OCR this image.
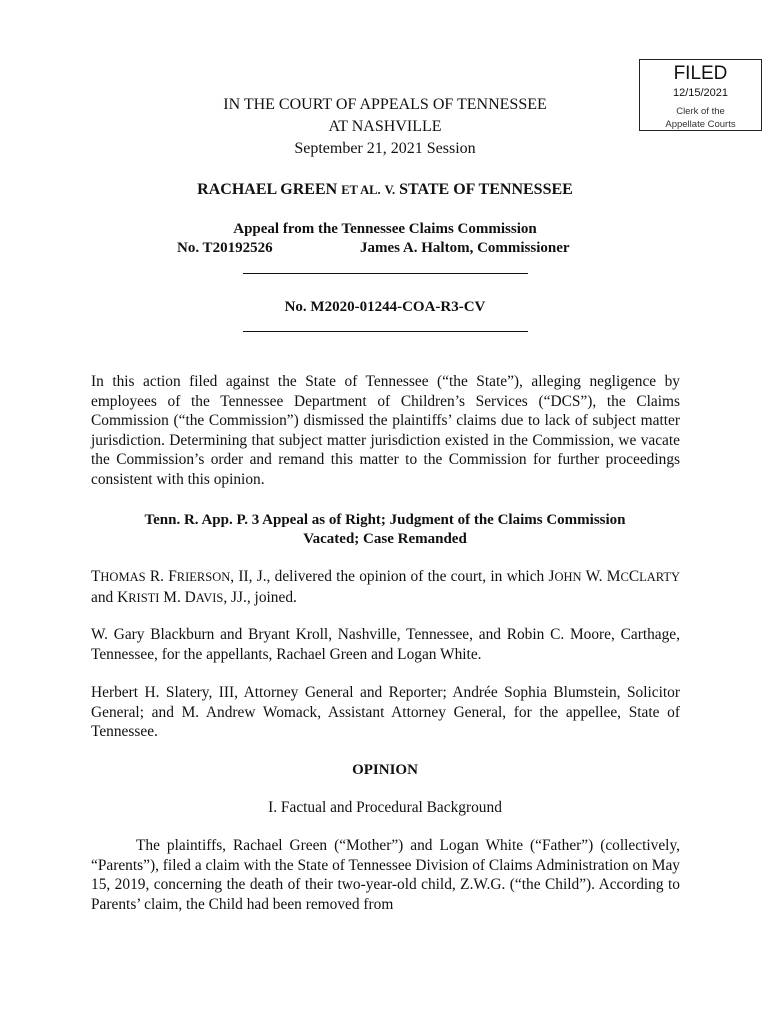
FILED
12/15/2021
Clerk of the
Appellate Courts
IN THE COURT OF APPEALS OF TENNESSEE
AT NASHVILLE
September 21, 2021 Session
RACHAEL GREEN ET AL. V. STATE OF TENNESSEE
Appeal from the Tennessee Claims Commission
No. T20192526	James A. Haltom, Commissioner
No. M2020-01244-COA-R3-CV
In this action filed against the State of Tennessee (“the State”), alleging negligence by employees of the Tennessee Department of Children’s Services (“DCS”), the Claims Commission (“the Commission”) dismissed the plaintiffs’ claims due to lack of subject matter jurisdiction. Determining that subject matter jurisdiction existed in the Commission, we vacate the Commission’s order and remand this matter to the Commission for further proceedings consistent with this opinion.
Tenn. R. App. P. 3 Appeal as of Right; Judgment of the Claims Commission
Vacated; Case Remanded
THOMAS R. FRIERSON, II, J., delivered the opinion of the court, in which JOHN W. MCCLARTY and KRISTI M. DAVIS, JJ., joined.
W. Gary Blackburn and Bryant Kroll, Nashville, Tennessee, and Robin C. Moore, Carthage, Tennessee, for the appellants, Rachael Green and Logan White.
Herbert H. Slatery, III, Attorney General and Reporter; Andrée Sophia Blumstein, Solicitor General; and M. Andrew Womack, Assistant Attorney General, for the appellee, State of Tennessee.
OPINION
I. Factual and Procedural Background
The plaintiffs, Rachael Green (“Mother”) and Logan White (“Father”) (collectively, “Parents”), filed a claim with the State of Tennessee Division of Claims Administration on May 15, 2019, concerning the death of their two-year-old child, Z.W.G. (“the Child”). According to Parents’ claim, the Child had been removed from
